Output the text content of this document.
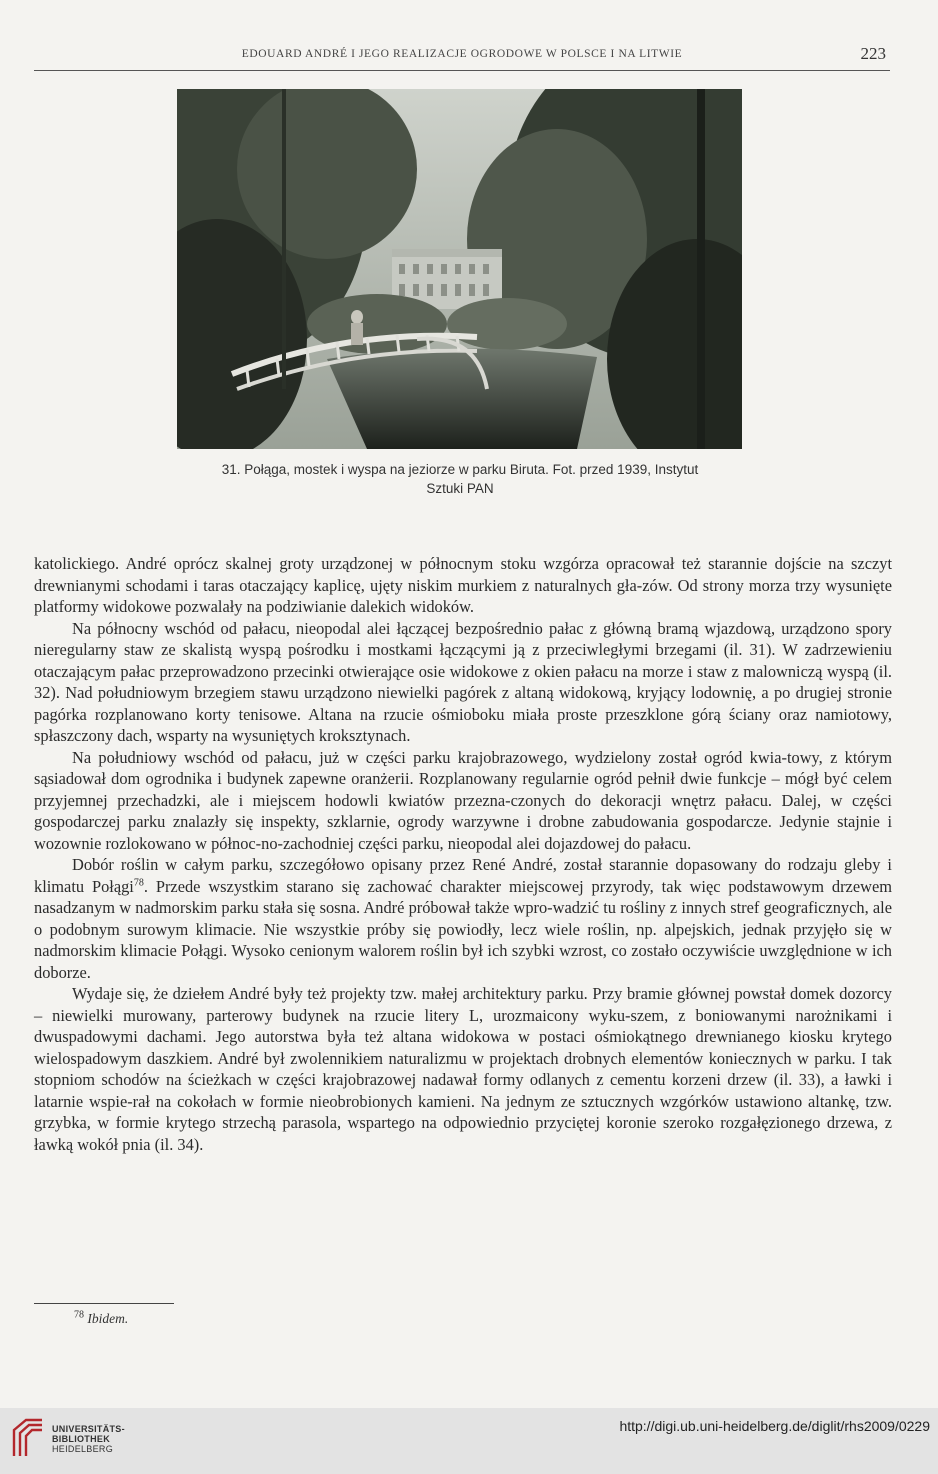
EDOUARD ANDRÉ I JEGO REALIZACJE OGRODOWE W POLSCE I NA LITWIE	223
31. Połąga, mostek i wyspa na jeziorze w parku Biruta. Fot. przed 1939, Instytut
Sztuki PAN

katolickiego. André oprócz skalnej groty urządzonej w północnym stoku wzgórza opracował też starannie dojście na szczyt drewnianymi schodami i taras otaczający kaplicę, ujęty niskim murkiem z naturalnych gła-zów. Od strony morza trzy wysunięte platformy widokowe pozwalały na podziwianie dalekich widoków.

Na północny wschód od pałacu, nieopodal alei łączącej bezpośrednio pałac z główną bramą wjazdową, urządzono spory nieregularny staw ze skalistą wyspą pośrodku i mostkami łączącymi ją z przeciwległymi brzegami (il. 31). W zadrzewieniu otaczającym pałac przeprowadzono przecinki otwierające osie widokowe z okien pałacu na morze i staw z malowniczą wyspą (il. 32). Nad południowym brzegiem stawu urządzono niewielki pagórek z altaną widokową, kryjący lodownię, a po drugiej stronie pagórka rozplanowano korty tenisowe. Altana na rzucie ośmioboku miała proste przeszklone górą ściany oraz namiotowy, spłaszczony dach, wsparty na wysuniętych kroksztynach.

Na południowy wschód od pałacu, już w części parku krajobrazowego, wydzielony został ogród kwia-towy, z którym sąsiadował dom ogrodnika i budynek zapewne oranżerii. Rozplanowany regularnie ogród pełnił dwie funkcje – mógł być celem przyjemnej przechadzki, ale i miejscem hodowli kwiatów przezna-czonych do dekoracji wnętrz pałacu. Dalej, w części gospodarczej parku znalazły się inspekty, szklarnie, ogrody warzywne i drobne zabudowania gospodarcze. Jedynie stajnie i wozownie rozlokowano w północ-no-zachodniej części parku, nieopodal alei dojazdowej do pałacu.

Dobór roślin w całym parku, szczegółowo opisany przez René André, został starannie dopasowany do rodzaju gleby i klimatu Połągi$^{78}$. Przede wszystkim starano się zachować charakter miejscowej przyrody, tak więc podstawowym drzewem nasadzanym w nadmorskim parku stała się sosna. André próbował także wpro-wadzić tu rośliny z innych stref geograficznych, ale o podobnym surowym klimacie. Nie wszystkie próby się powiodły, lecz wiele roślin, np. alpejskich, jednak przyjęło się w nadmorskim klimacie Połągi. Wysoko cenionym walorem roślin był ich szybki wzrost, co zostało oczywiście uwzględnione w ich doborze.

Wydaje się, że dziełem André były też projekty tzw. małej architektury parku. Przy bramie głównej powstał domek dozorcy – niewielki murowany, parterowy budynek na rzucie litery L, urozmaicony wyku-szem, z boniowanymi narożnikami i dwuspadowymi dachami. Jego autorstwa była też altana widokowa w postaci ośmiokątnego drewnianego kiosku krytego wielospadowym daszkiem. André był zwolennikiem naturalizmu w projektach drobnych elementów koniecznych w parku. I tak stopniom schodów na ścieżkach w części krajobrazowej nadawał formy odlanych z cementu korzeni drzew (il. 33), a ławki i latarnie wspie-rał na cokołach w formie nieobrobionych kamieni. Na jednym ze sztucznych wzgórków ustawiono altankę, tzw. grzybka, w formie krytego strzechą parasola, wspartego na odpowiednio przyciętej koronie szeroko rozgałęzionego drzewa, z ławką wokół pnia (il. 34).

$^{78}$ Ibidem.
UNIVERSITÄTS-
BIBLIOTHEK
HEIDELBERG
http://digi.ub.uni-heidelberg.de/diglit/rhs2009/0229
